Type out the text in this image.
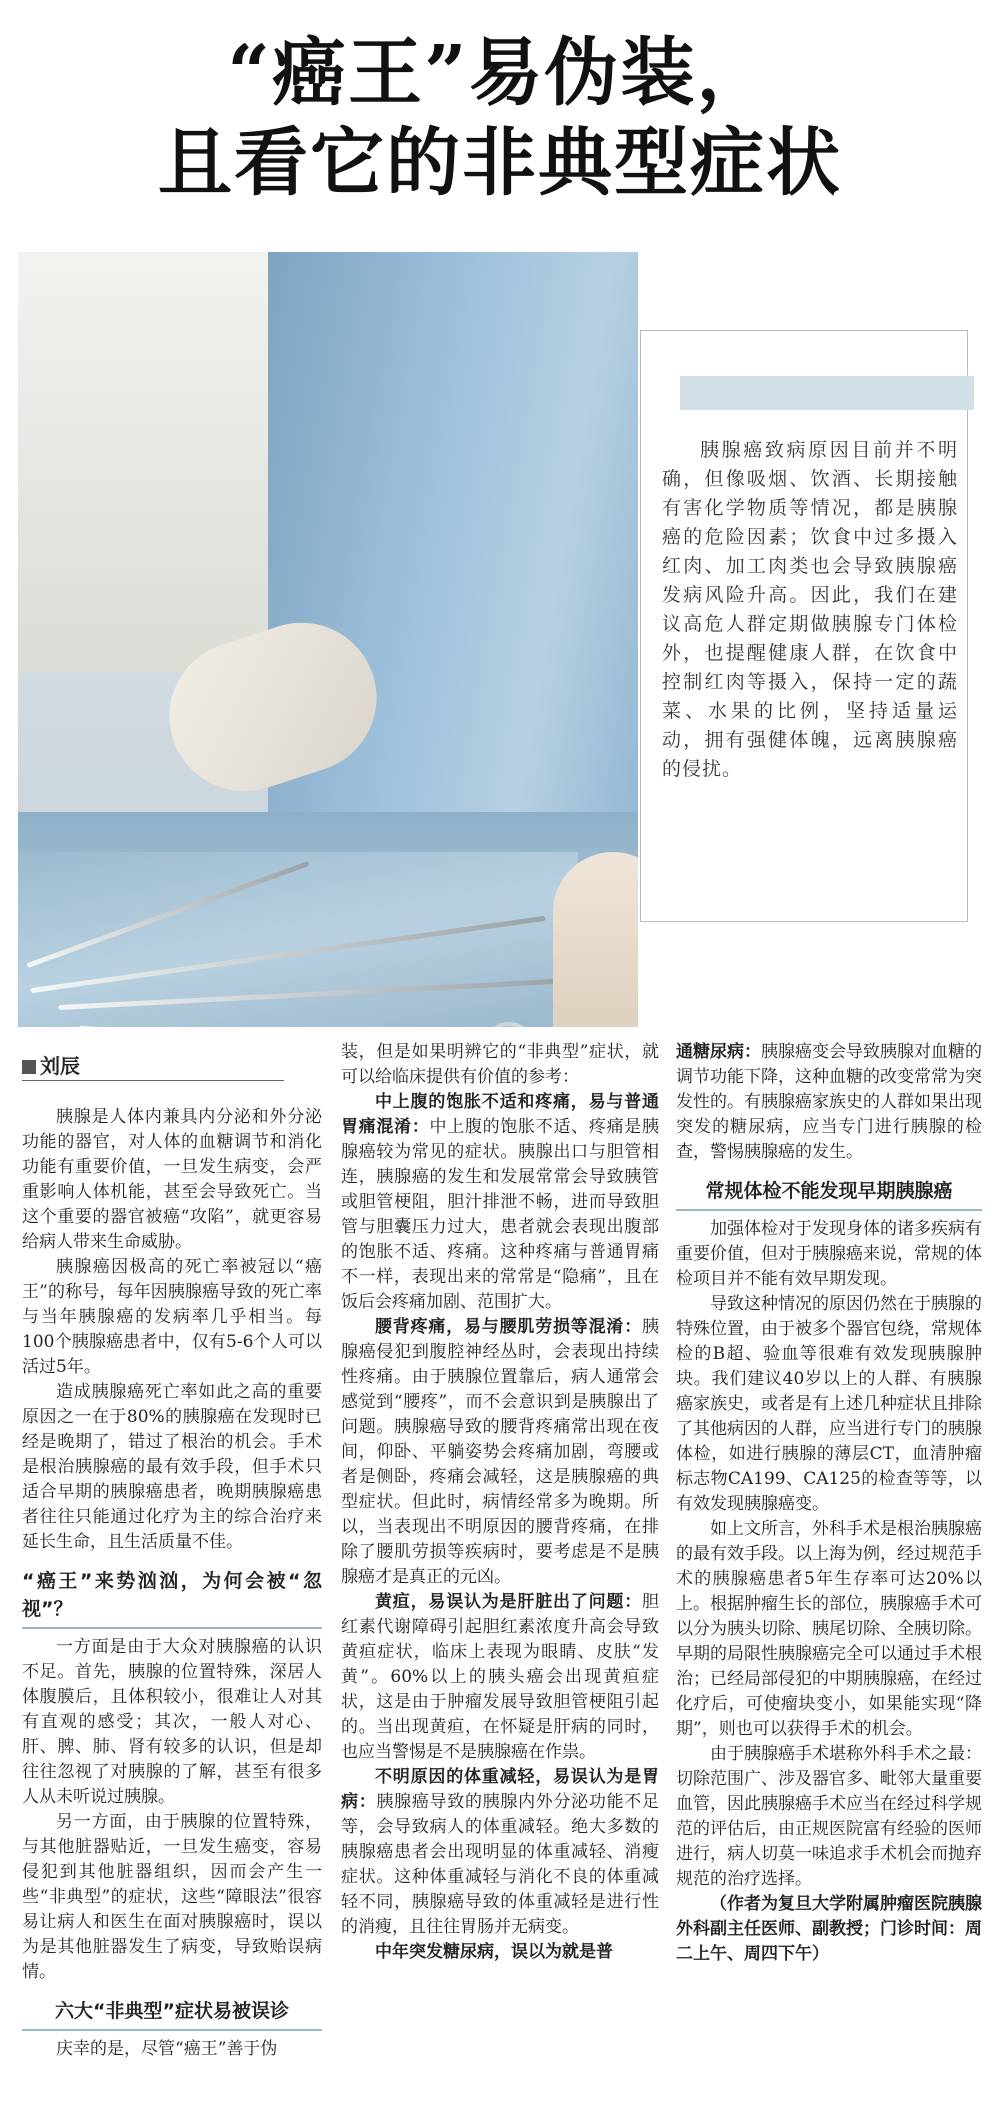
“癌王”易伪装，
且看它的非典型症状
胰腺癌致病原因目前并不明确，但像吸烟、饮酒、长期接触有害化学物质等情况，都是胰腺癌的危险因素；饮食中过多摄入红肉、加工肉类也会导致胰腺癌发病风险升高。因此，我们在建议高危人群定期做胰腺专门体检外，也提醒健康人群，在饮食中控制红肉等摄入，保持一定的蔬菜、水果的比例，坚持适量运动，拥有强健体魄，远离胰腺癌的侵扰。
刘辰

胰腺是人体内兼具内分泌和外分泌功能的器官，对人体的血糖调节和消化功能有重要价值，一旦发生病变，会严重影响人体机能，甚至会导致死亡。当这个重要的器官被癌“攻陷”，就更容易给病人带来生命威胁。

胰腺癌因极高的死亡率被冠以“癌王”的称号，每年因胰腺癌导致的死亡率与当年胰腺癌的发病率几乎相当。每100个胰腺癌患者中，仅有5-6个人可以活过5年。

造成胰腺癌死亡率如此之高的重要原因之一在于80%的胰腺癌在发现时已经是晚期了，错过了根治的机会。手术是根治胰腺癌的最有效手段，但手术只适合早期的胰腺癌患者，晚期胰腺癌患者往往只能通过化疗为主的综合治疗来延长生命，且生活质量不佳。

“癌王”来势汹汹，为何会被“忽视”？

一方面是由于大众对胰腺癌的认识不足。首先，胰腺的位置特殊，深居人体腹膜后，且体积较小，很难让人对其有直观的感受；其次，一般人对心、肝、脾、肺、肾有较多的认识，但是却往往忽视了对胰腺的了解，甚至有很多人从未听说过胰腺。

另一方面，由于胰腺的位置特殊，与其他脏器贴近，一旦发生癌变，容易侵犯到其他脏器组织，因而会产生一些“非典型”的症状，这些“障眼法”很容易让病人和医生在面对胰腺癌时，误以为是其他脏器发生了病变，导致贻误病情。

六大“非典型”症状易被误诊

庆幸的是，尽管“癌王”善于伪

装，但是如果明辨它的“非典型”症状，就可以给临床提供有价值的参考：

中上腹的饱胀不适和疼痛，易与普通胃痛混淆：中上腹的饱胀不适、疼痛是胰腺癌较为常见的症状。胰腺出口与胆管相连，胰腺癌的发生和发展常常会导致胰管或胆管梗阻，胆汁排泄不畅，进而导致胆管与胆囊压力过大，患者就会表现出腹部的饱胀不适、疼痛。这种疼痛与普通胃痛不一样，表现出来的常常是“隐痛”，且在饭后会疼痛加剧、范围扩大。

腰背疼痛，易与腰肌劳损等混淆：胰腺癌侵犯到腹腔神经丛时，会表现出持续性疼痛。由于胰腺位置靠后，病人通常会感觉到“腰疼”，而不会意识到是胰腺出了问题。胰腺癌导致的腰背疼痛常出现在夜间，仰卧、平躺姿势会疼痛加剧，弯腰或者是侧卧，疼痛会减轻，这是胰腺癌的典型症状。但此时，病情经常多为晚期。所以，当表现出不明原因的腰背疼痛，在排除了腰肌劳损等疾病时，要考虑是不是胰腺癌才是真正的元凶。

黄疸，易误认为是肝脏出了问题：胆红素代谢障碍引起胆红素浓度升高会导致黄疸症状，临床上表现为眼睛、皮肤“发黄”。60%以上的胰头癌会出现黄疸症状，这是由于肿瘤发展导致胆管梗阻引起的。当出现黄疸，在怀疑是肝病的同时，也应当警惕是不是胰腺癌在作祟。

不明原因的体重减轻，易误认为是胃病：胰腺癌导致的胰腺内外分泌功能不足等，会导致病人的体重减轻。绝大多数的胰腺癌患者会出现明显的体重减轻、消瘦症状。这种体重减轻与消化不良的体重减轻不同，胰腺癌导致的体重减轻是进行性的消瘦，且往往胃肠并无病变。

中年突发糖尿病，误以为就是普

通糖尿病：胰腺癌变会导致胰腺对血糖的调节功能下降，这种血糖的改变常常为突发性的。有胰腺癌家族史的人群如果出现突发的糖尿病，应当专门进行胰腺的检查，警惕胰腺癌的发生。

常规体检不能发现早期胰腺癌

加强体检对于发现身体的诸多疾病有重要价值，但对于胰腺癌来说，常规的体检项目并不能有效早期发现。

导致这种情况的原因仍然在于胰腺的特殊位置，由于被多个器官包绕，常规体检的B超、验血等很难有效发现胰腺肿块。我们建议40岁以上的人群、有胰腺癌家族史，或者是有上述几种症状且排除了其他病因的人群，应当进行专门的胰腺体检，如进行胰腺的薄层CT，血清肿瘤标志物CA199、CA125的检查等等，以有效发现胰腺癌变。

如上文所言，外科手术是根治胰腺癌的最有效手段。以上海为例，经过规范手术的胰腺癌患者5年生存率可达20%以上。根据肿瘤生长的部位，胰腺癌手术可以分为胰头切除、胰尾切除、全胰切除。早期的局限性胰腺癌完全可以通过手术根治；已经局部侵犯的中期胰腺癌，在经过化疗后，可使瘤块变小，如果能实现“降期”，则也可以获得手术的机会。

由于胰腺癌手术堪称外科手术之最：切除范围广、涉及器官多、毗邻大量重要血管，因此胰腺癌手术应当在经过科学规范的评估后，由正规医院富有经验的医师进行，病人切莫一味追求手术机会而抛弃规范的治疗选择。

（作者为复旦大学附属肿瘤医院胰腺外科副主任医师、副教授；门诊时间：周二上午、周四下午）
